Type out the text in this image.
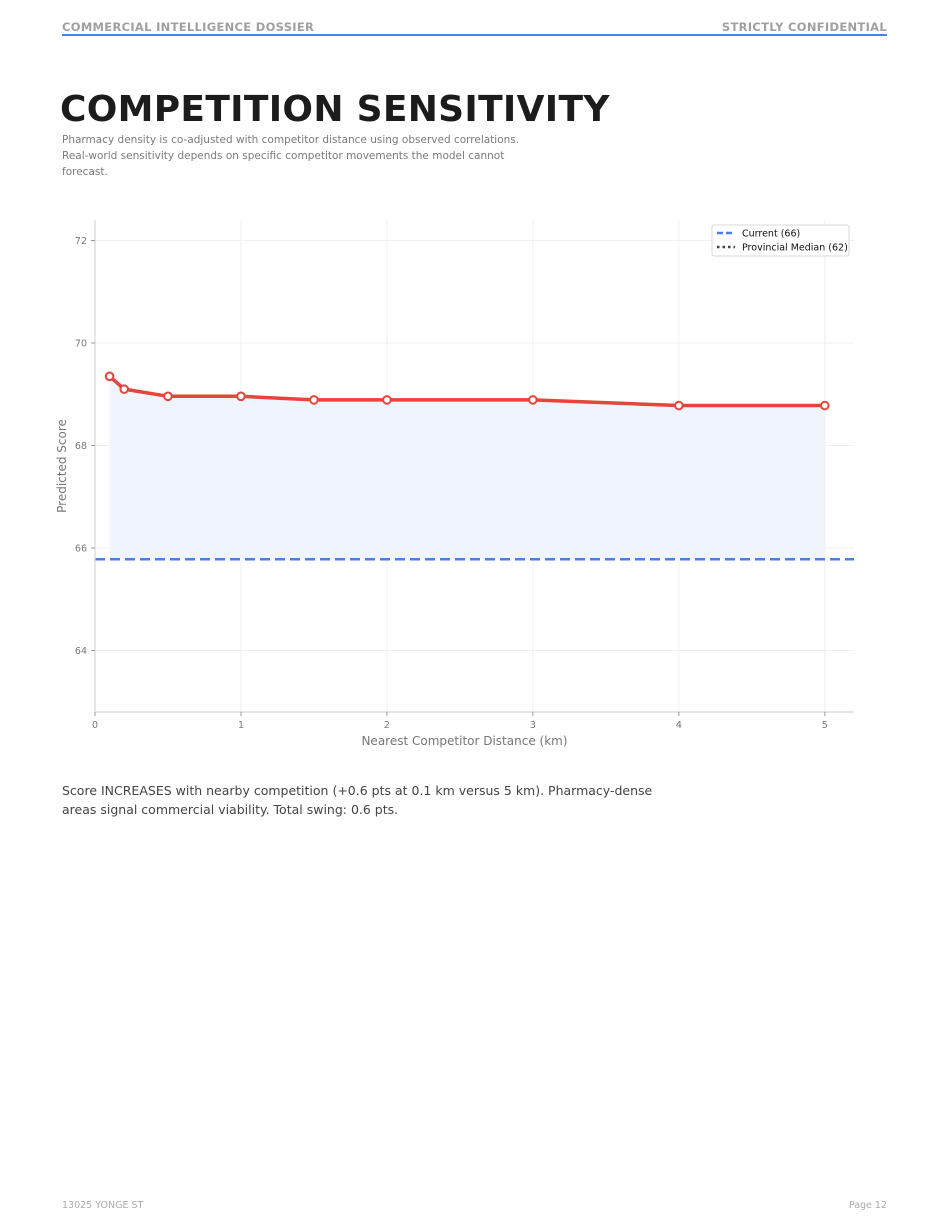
COMMERCIAL INTELLIGENCE DOSSIER	STRICTLY CONFIDENTIAL
COMPETITION SENSITIVITY

Pharmacy density is co-adjusted with competitor distance using observed correlations. Real-world sensitivity depends on specific competitor movements the model cannot forecast.

0	1	2	3	4	5
64
66
68
70
72
Nearest Competitor Distance (km)
Predicted Score
Current (66)
Provincial Median (62)

Score INCREASES with nearby competition (+0.6 pts at 0.1 km versus 5 km). Pharmacy-dense areas signal commercial viability. Total swing: 0.6 pts.

13025 YONGE ST	Page 12
